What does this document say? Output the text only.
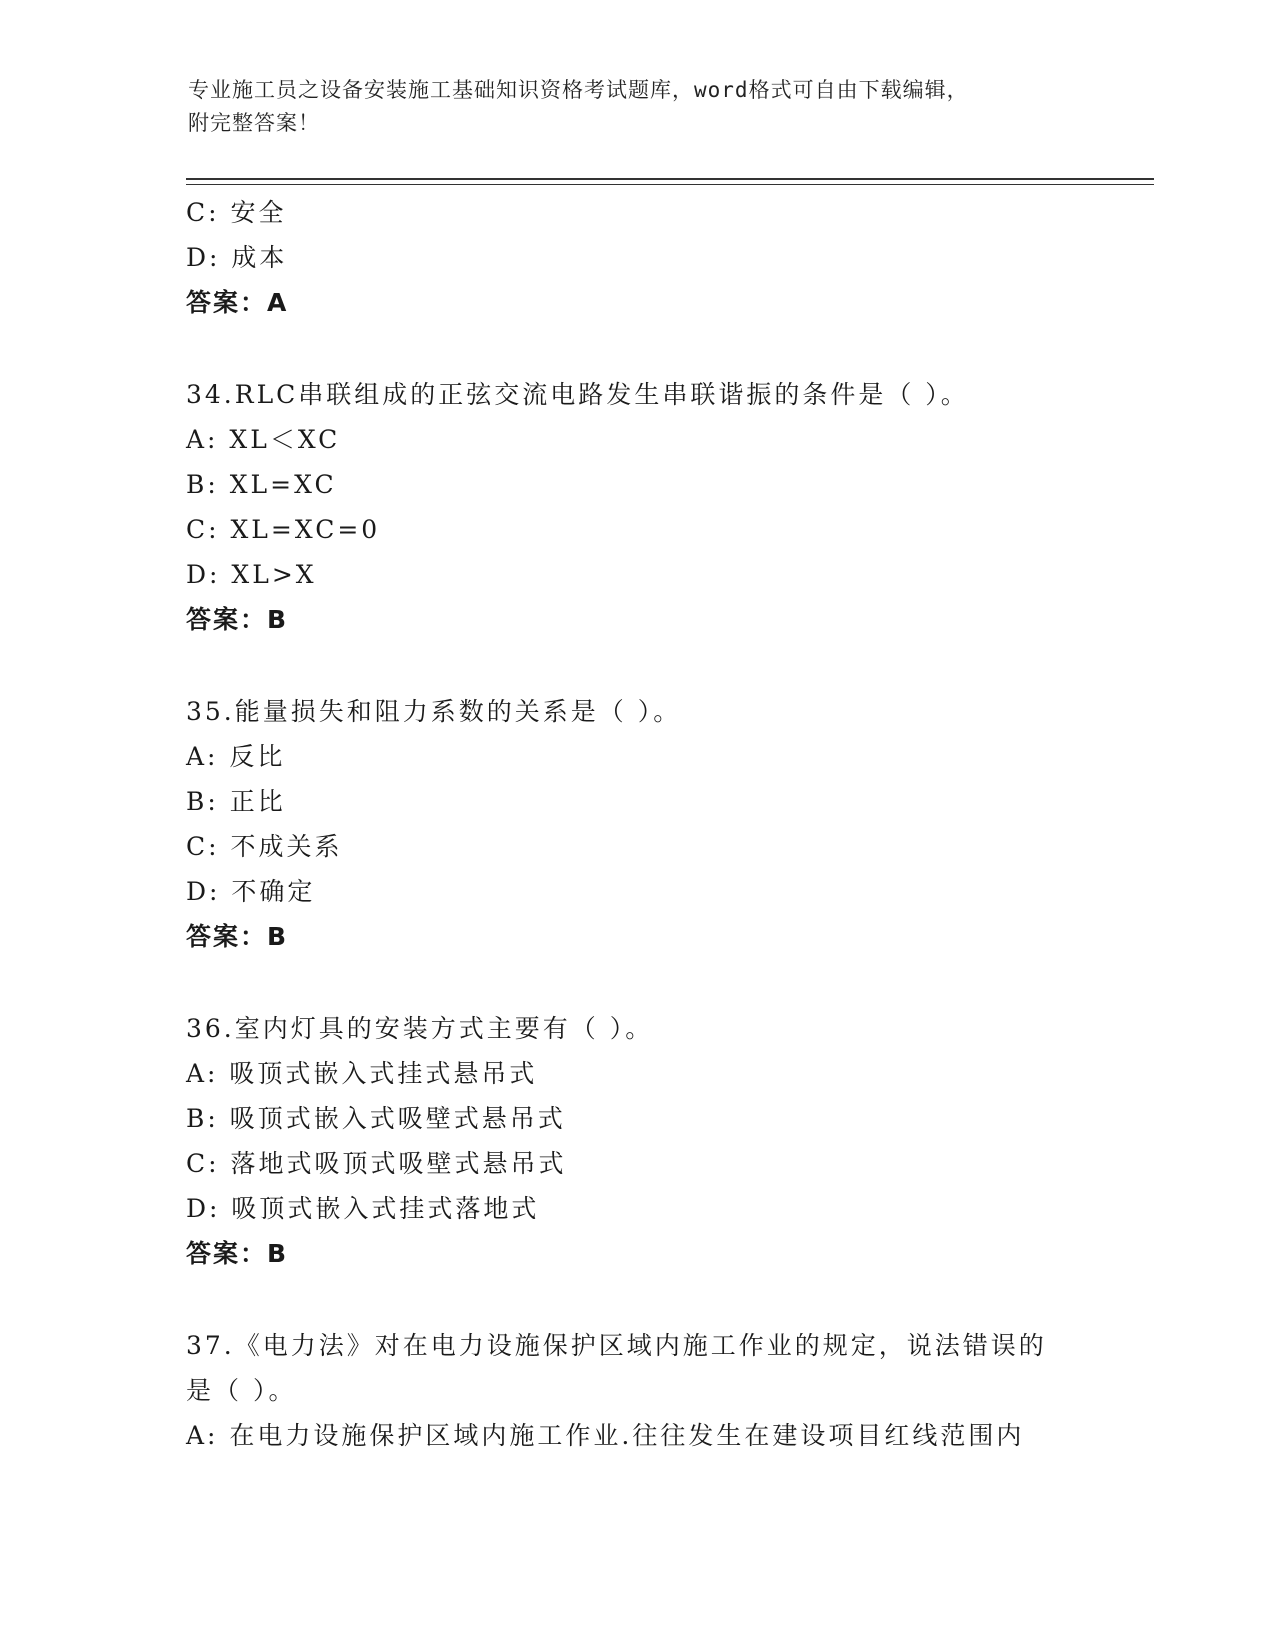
专业施工员之设备安装施工基础知识资格考试题库，word格式可自由下载编辑，
附完整答案！
C: 安全
D: 成本
答案：A
34.RLC串联组成的正弦交流电路发生串联谐振的条件是（ ）。
A: XL＜XC
B: XL=XC
C: XL=XC=0
D: XL>X
答案：B
35.能量损失和阻力系数的关系是（ ）。
A: 反比
B: 正比
C: 不成关系
D: 不确定
答案：B
36.室内灯具的安装方式主要有（ ）。
A: 吸顶式嵌入式挂式悬吊式
B: 吸顶式嵌入式吸壁式悬吊式
C: 落地式吸顶式吸壁式悬吊式
D: 吸顶式嵌入式挂式落地式
答案：B
37.《电力法》对在电力设施保护区域内施工作业的规定，说法错误的
是（ ）。
A: 在电力设施保护区域内施工作业.往往发生在建设项目红线范围内
